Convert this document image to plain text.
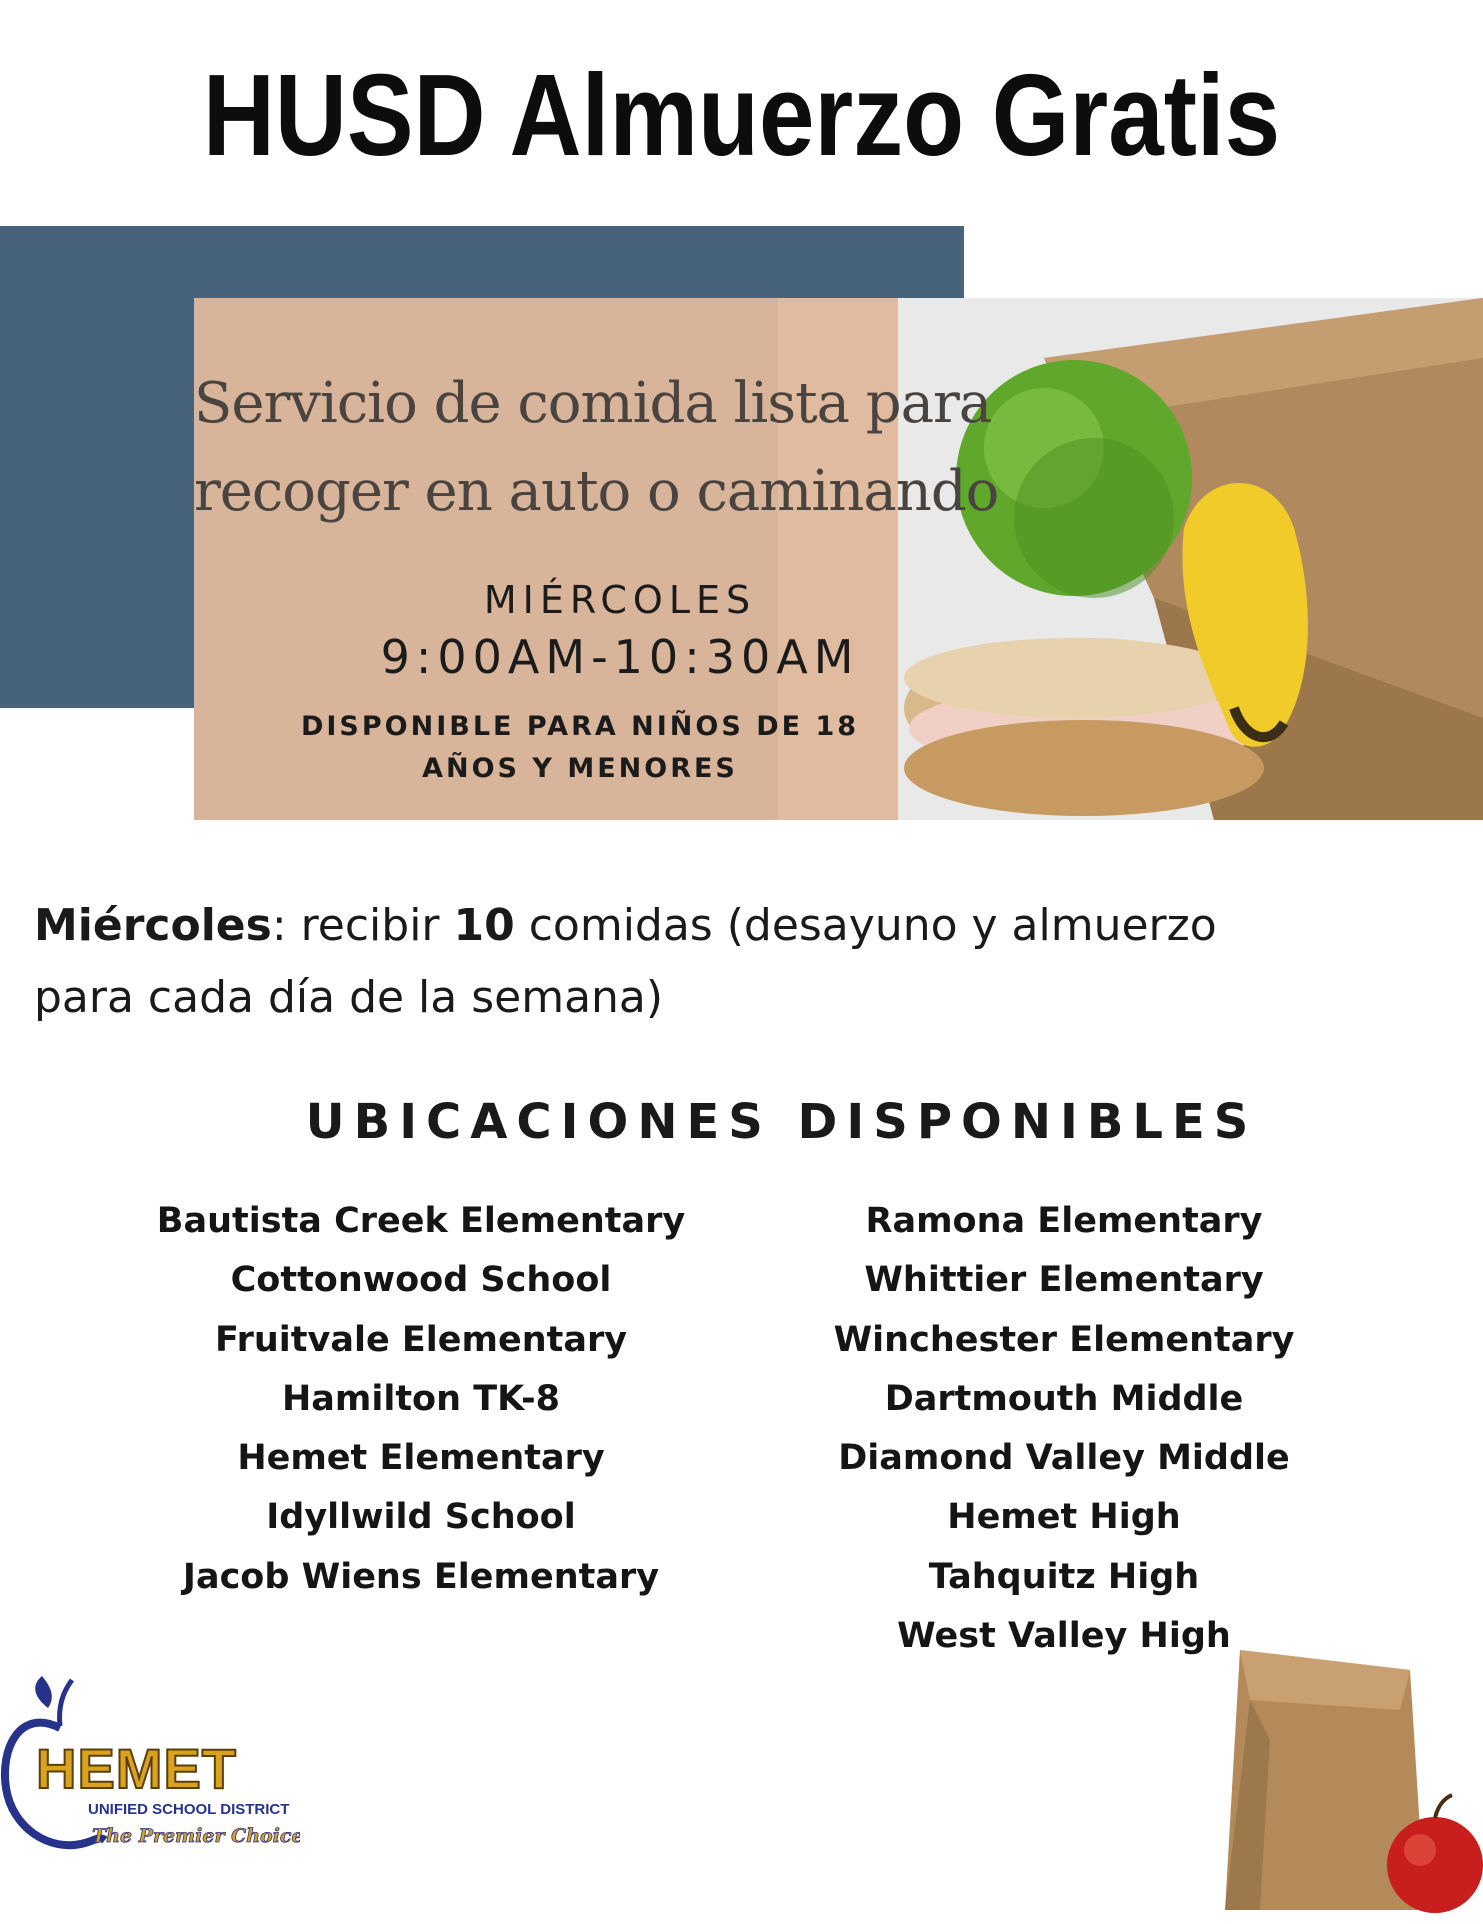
HUSD Almuerzo Gratis
Servicio de comida lista para
recoger en auto o caminando
MIÉRCOLES
9:00AM-10:30AM
DISPONIBLE PARA NIÑOS DE 18
AÑOS Y MENORES
Miércoles: recibir 10 comidas (desayuno y almuerzo
para cada día de la semana)
UBICACIONES DISPONIBLES
Bautista Creek Elementary
Cottonwood School
Fruitvale Elementary
Hamilton TK-8
Hemet Elementary
Idyllwild School
Jacob Wiens Elementary
Ramona Elementary
Whittier Elementary
Winchester Elementary
Dartmouth Middle
Diamond Valley Middle
Hemet High
Tahquitz High
West Valley High
HEMET
UNIFIED SCHOOL DISTRICT
The Premier Choice
